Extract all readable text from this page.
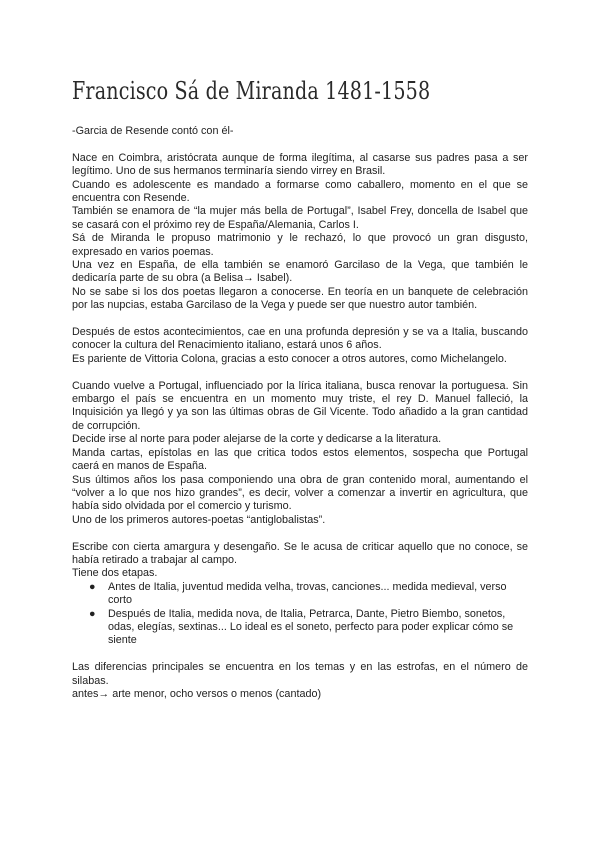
Francisco Sá de Miranda 1481-1558

-Garcia de Resende contó con él-

Nace en Coimbra, aristócrata aunque de forma ilegítima, al casarse sus padres pasa a ser legítimo. Uno de sus hermanos terminaría siendo virrey en Brasil.

Cuando es adolescente es mandado a formarse como caballero, momento en el que se encuentra con Resende.

También se enamora de “la mujer más bella de Portugal”, Isabel Frey, doncella de Isabel que se casará con el próximo rey de España/Alemania, Carlos I.

Sá de Miranda le propuso matrimonio y le rechazó, lo que provocó un gran disgusto, expresado en varios poemas.

Una vez en España, de ella también se enamoró Garcilaso de la Vega, que también le dedicaría parte de su obra (a Belisa→ Isabel).

No se sabe si los dos poetas llegaron a conocerse. En teoría en un banquete de celebración por las nupcias, estaba Garcilaso de la Vega y puede ser que nuestro autor también.

Después de estos acontecimientos, cae en una profunda depresión y se va a Italia, buscando conocer la cultura del Renacimiento italiano, estará unos 6 años.

Es pariente de Vittoria Colona, gracias a esto conocer a otros autores, como Michelangelo.

Cuando vuelve a Portugal, influenciado por la lírica italiana, busca renovar la portuguesa. Sin embargo el país se encuentra en un momento muy triste, el rey D. Manuel falleció, la Inquisición ya llegó y ya son las últimas obras de Gil Vicente. Todo añadido a la gran cantidad de corrupción.

Decide irse al norte para poder alejarse de la corte y dedicarse a la literatura.

Manda cartas, epístolas en las que critica todos estos elementos, sospecha que Portugal caerá en manos de España.

Sus últimos años los pasa componiendo una obra de gran contenido moral, aumentando el “volver a lo que nos hizo grandes”, es decir, volver a comenzar a invertir en agricultura, que había sido olvidada por el comercio y turismo.

Uno de los primeros autores-poetas “antiglobalistas”.

Escribe con cierta amargura y desengaño. Se le acusa de criticar aquello que no conoce, se había retirado a trabajar al campo.

Tiene dos etapas.

● Antes de Italia, juventud medida velha, trovas, canciones... medida medieval, verso corto
● Después de Italia, medida nova, de Italia, Petrarca, Dante, Pietro Biembo, sonetos, odas, elegías, sextinas... Lo ideal es el soneto, perfecto para poder explicar cómo se siente

Las diferencias principales se encuentra en los temas y en las estrofas, en el número de silabas.

antes→ arte menor, ocho versos o menos (cantado)
